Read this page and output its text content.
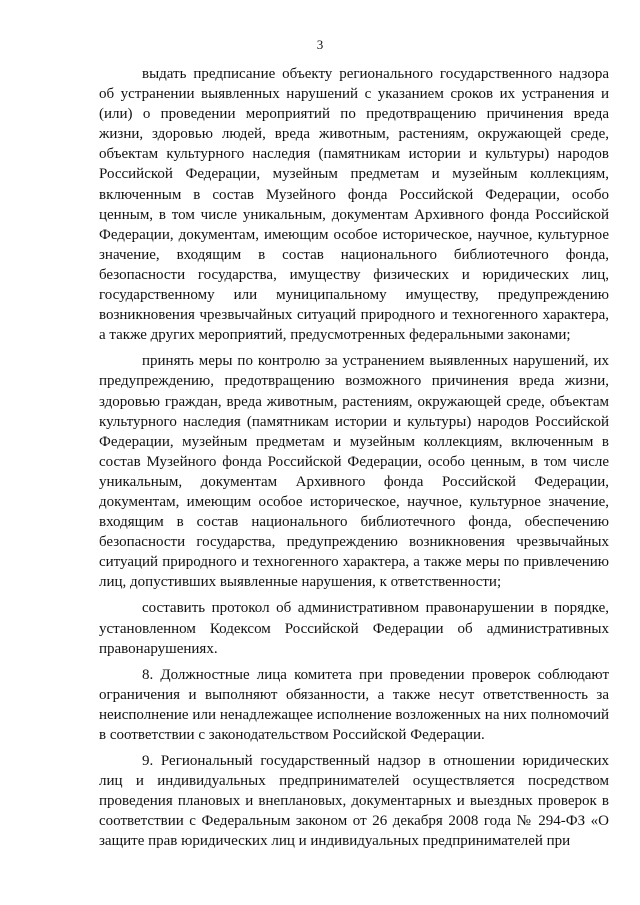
3

выдать предписание объекту регионального государственного надзора об устранении выявленных нарушений с указанием сроков их устранения и (или) о проведении мероприятий по предотвращению причинения вреда жизни, здоровью людей, вреда животным, растениям, окружающей среде, объектам культурного наследия (памятникам истории и культуры) народов Российской Федерации, музейным предметам и музейным коллекциям, включенным в состав Музейного фонда Российской Федерации, особо ценным, в том числе уникальным, документам Архивного фонда Российской Федерации, документам, имеющим особое историческое, научное, культурное значение, входящим в состав национального библиотечного фонда, безопасности государства, имуществу физических и юридических лиц, государственному или муниципальному имуществу, предупреждению возникновения чрезвычайных ситуаций природного и техногенного характера, а также других мероприятий, предусмотренных федеральными законами;

принять меры по контролю за устранением выявленных нарушений, их предупреждению, предотвращению возможного причинения вреда жизни, здоровью граждан, вреда животным, растениям, окружающей среде, объектам культурного наследия (памятникам истории и культуры) народов Российской Федерации, музейным предметам и музейным коллекциям, включенным в состав Музейного фонда Российской Федерации, особо ценным, в том числе уникальным, документам Архивного фонда Российской Федерации, документам, имеющим особое историческое, научное, культурное значение, входящим в состав национального библиотечного фонда, обеспечению безопасности государства, предупреждению возникновения чрезвычайных ситуаций природного и техногенного характера, а также меры по привлечению лиц, допустивших выявленные нарушения, к ответственности;

составить протокол об административном правонарушении в порядке, установленном Кодексом Российской Федерации об административных правонарушениях.

8. Должностные лица комитета при проведении проверок соблюдают ограничения и выполняют обязанности, а также несут ответственность за неисполнение или ненадлежащее исполнение возложенных на них полномочий в соответствии с законодательством Российской Федерации.

9. Региональный государственный надзор в отношении юридических лиц и индивидуальных предпринимателей осуществляется посредством проведения плановых и внеплановых, документарных и выездных проверок в соответствии с Федеральным законом от 26 декабря 2008 года № 294-ФЗ «О защите прав юридических лиц и индивидуальных предпринимателей при
